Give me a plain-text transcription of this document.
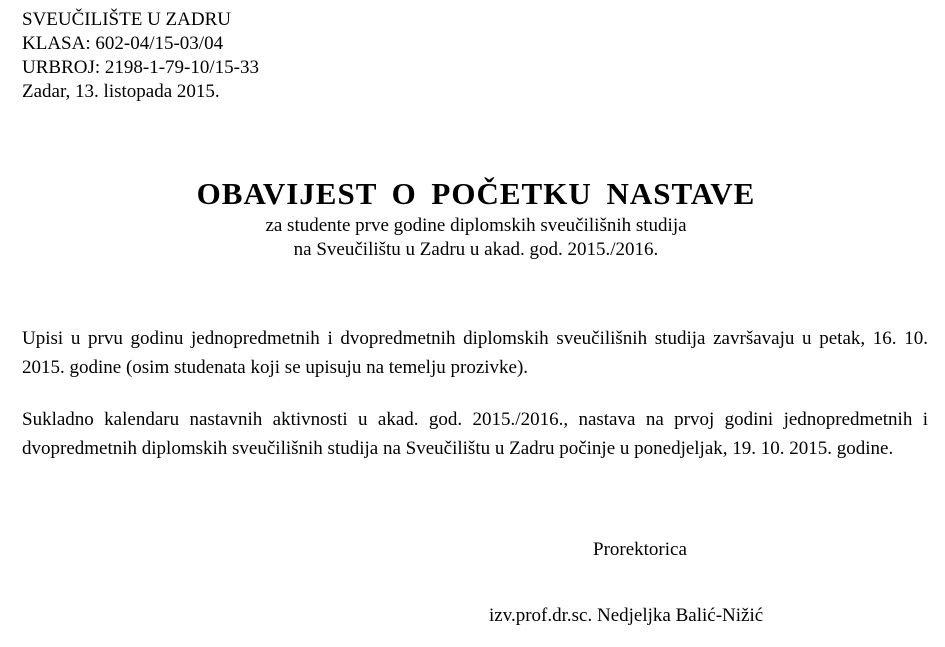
SVEUČILIŠTE U ZADRU
KLASA: 602-04/15-03/04
URBROJ: 2198-1-79-10/15-33
Zadar, 13. listopada 2015.
OBAVIJEST O POČETKU NASTAVE
za studente prve godine diplomskih sveučilišnih studija
na Sveučilištu u Zadru u akad. god. 2015./2016.
Upisi u prvu godinu jednopredmetnih i dvopredmetnih diplomskih sveučilišnih studija završavaju u petak, 16. 10. 2015. godine (osim studenata koji se upisuju na temelju prozivke).
Sukladno kalendaru nastavnih aktivnosti u akad. god. 2015./2016., nastava na prvoj godini jednopredmetnih i dvopredmetnih diplomskih sveučilišnih studija na Sveučilištu u Zadru počinje u ponedjeljak, 19. 10. 2015. godine.
Prorektorica
izv.prof.dr.sc. Nedjeljka Balić-Nižić
